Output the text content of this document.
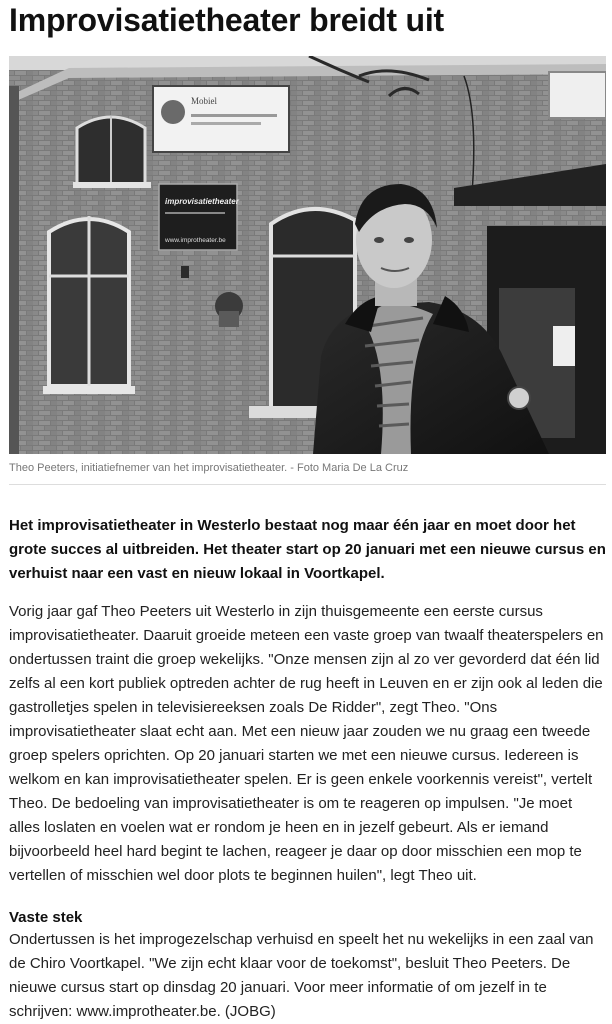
Improvisatietheater breidt uit
Mobiel
improvisatietheater
www.improtheater.be
Theo Peeters, initiatiefnemer van het improvisatietheater. - Foto Maria De La Cruz

Het improvisatietheater in Westerlo bestaat nog maar één jaar en moet door het grote succes al uitbreiden. Het theater start op 20 januari met een nieuwe cursus en verhuist naar een vast en nieuw lokaal in Voortkapel.

Vorig jaar gaf Theo Peeters uit Westerlo in zijn thuisgemeente een eerste cursus improvisatietheater. Daaruit groeide meteen een vaste groep van twaalf theaterspelers en ondertussen traint die groep wekelijks. "Onze mensen zijn al zo ver gevorderd dat één lid zelfs al een kort publiek optreden achter de rug heeft in Leuven en er zijn ook al leden die gastrolletjes spelen in televisiereeksen zoals De Ridder", zegt Theo. "Ons improvisatietheater slaat echt aan. Met een nieuw jaar zouden we nu graag een tweede groep spelers oprichten. Op 20 januari starten we met een nieuwe cursus. Iedereen is welkom en kan improvisatietheater spelen. Er is geen enkele voorkennis vereist", vertelt Theo. De bedoeling van improvisatietheater is om te reageren op impulsen. "Je moet alles loslaten en voelen wat er rondom je heen en in jezelf gebeurt. Als er iemand bijvoorbeeld heel hard begint te lachen, reageer je daar op door misschien een mop te vertellen of misschien wel door plots te beginnen huilen", legt Theo uit.

Vaste stek

Ondertussen is het improgezelschap verhuisd en speelt het nu wekelijks in een zaal van de Chiro Voortkapel. "We zijn echt klaar voor de toekomst", besluit Theo Peeters. De nieuwe cursus start op dinsdag 20 januari. Voor meer informatie of om jezelf in te schrijven: www.improtheater.be. (JOBG)
